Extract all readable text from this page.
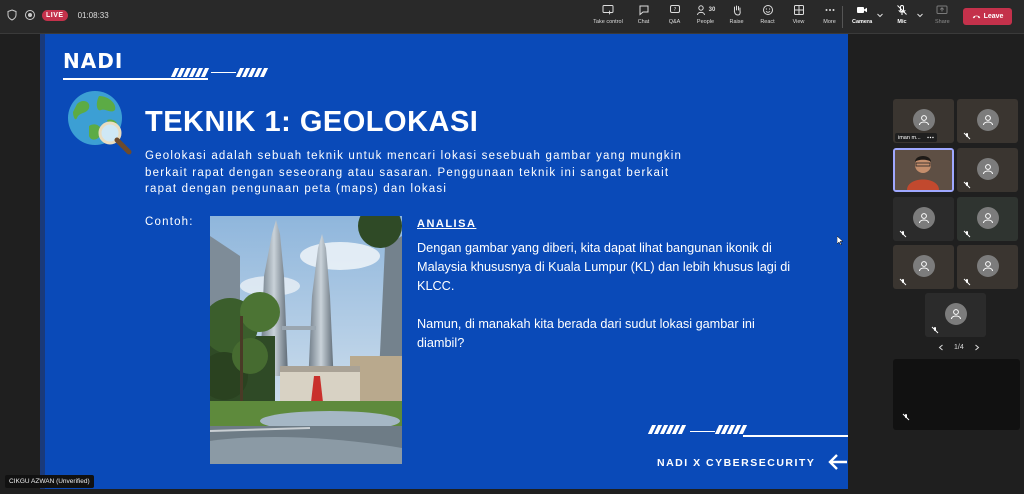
LIVE	01:08:33
Take control	Chat
?
Q&A
30
People	Raise	React	View	More	Camera	Mic	Share
Leave
NADI
TEKNIK 1: GEOLOKASI
Geolokasi adalah sebuah teknik untuk mencari lokasi sesebuah gambar yang mungkin berkait rapat dengan seseorang atau sasaran. Penggunaan teknik ini sangat berkait rapat dengan pengunaan peta (maps) dan lokasi
Contoh:	ANALISA

Dengan gambar yang diberi, kita dapat lihat bangunan ikonik di Malaysia khususnya di Kuala Lumpur (KL) dan lebih khusus lagi di KLCC.

Namun, di manakah kita berada dari sudut lokasi gambar ini diambil?

NADI X CYBERSECURITY
iman m...
1/4
CIKGU AZWAN (Unverified)
